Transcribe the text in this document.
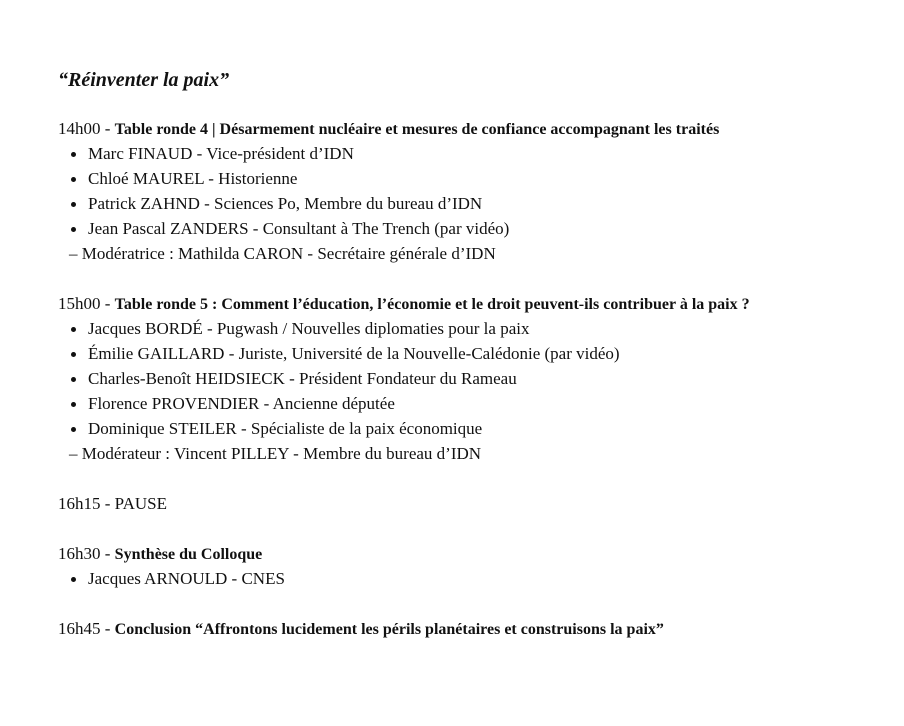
“Réinventer la paix”
14h00 - Table ronde 4 | Désarmement nucléaire et mesures de confiance accompagnant les traités
Marc FINAUD - Vice-président d’IDN
Chloé MAUREL - Historienne
Patrick ZAHND - Sciences Po, Membre du bureau d’IDN
Jean Pascal ZANDERS - Consultant à The Trench (par vidéo)
– Modératrice : Mathilda CARON - Secrétaire générale d’IDN
15h00 - Table ronde 5 : Comment l’éducation, l’économie et le droit peuvent-ils contribuer à la paix ?
Jacques BORDÉ - Pugwash / Nouvelles diplomaties pour la paix
Émilie GAILLARD - Juriste, Université de la Nouvelle-Calédonie (par vidéo)
Charles-Benoît HEIDSIECK - Président Fondateur du Rameau
Florence PROVENDIER - Ancienne députée
Dominique STEILER - Spécialiste de la paix économique
– Modérateur : Vincent PILLEY - Membre du bureau d’IDN
16h15 - PAUSE
16h30 - Synthèse du Colloque
Jacques ARNOULD - CNES
16h45 - Conclusion “Affrontons lucidement les périls planétaires et construisons la paix”
